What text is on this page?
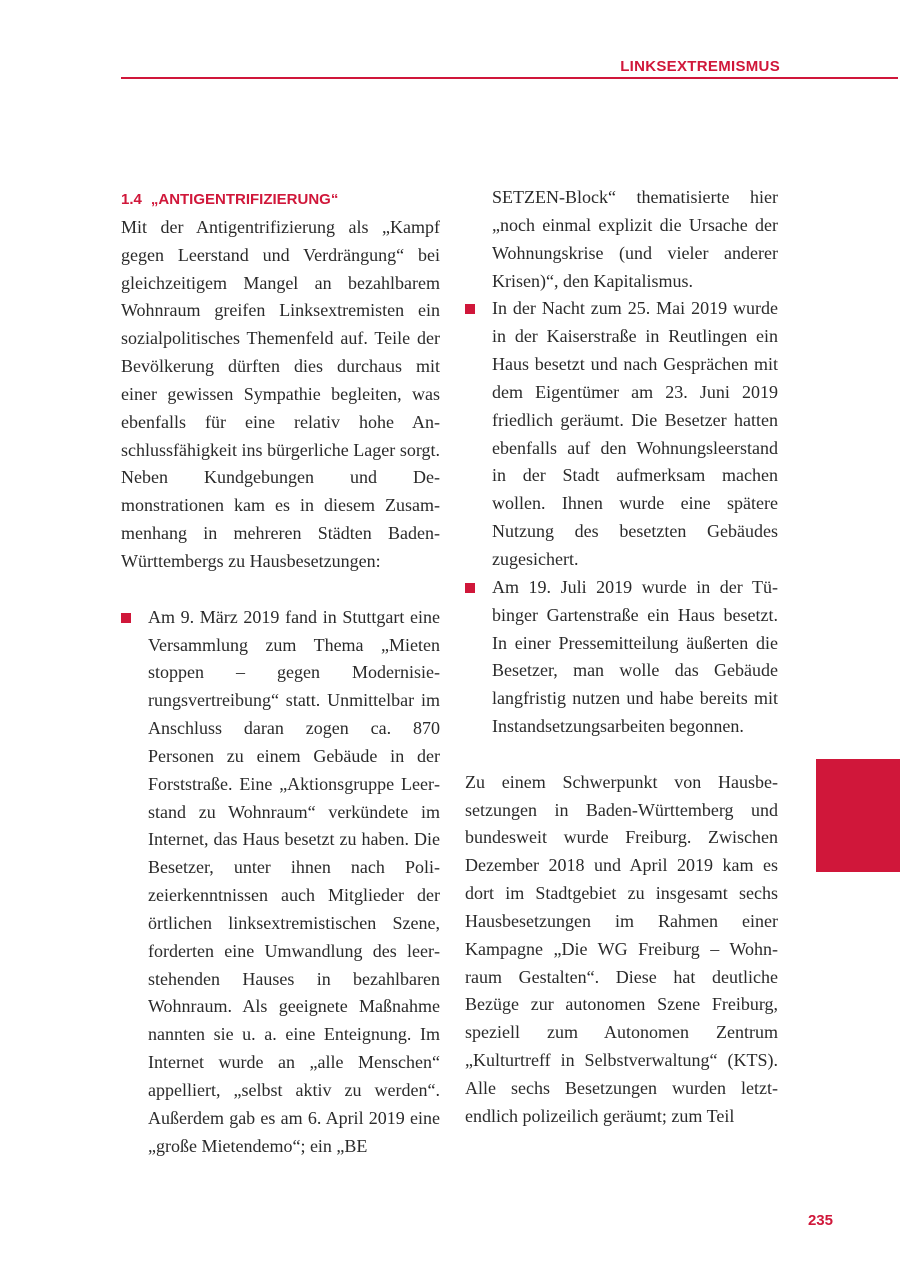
LINKSEXTREMISMUS
1.4 „ANTIGENTRIFIZIERUNG“

Mit der Antigentrifizierung als „Kampf gegen Leerstand und Verdrängung“ bei gleichzeitigem Mangel an bezahlbarem Wohnraum greifen Linksextremisten ein sozialpolitisches Themenfeld auf. Teile der Bevölkerung dürften dies durchaus mit einer gewissen Sympathie begleiten, was ebenfalls für eine relativ hohe Anschlussfähigkeit ins bürgerliche Lager sorgt. Neben Kundgebungen und Demonstrationen kam es in diesem Zusammenhang in mehreren Städten Baden-Württembergs zu Hausbesetzungen:

Am 9. März 2019 fand in Stuttgart eine Versammlung zum Thema „Mieten stoppen – gegen Modernisierungsvertreibung“ statt. Unmittelbar im Anschluss daran zogen ca. 870 Personen zu einem Gebäude in der Forststraße. Eine „Aktionsgruppe Leerstand zu Wohnraum“ verkündete im Internet, das Haus besetzt zu haben. Die Besetzer, unter ihnen nach Polizeierkenntnissen auch Mitglieder der örtlichen linksextremistischen Szene, forderten eine Umwandlung des leerstehenden Hauses in bezahlbaren Wohnraum. Als geeignete Maßnahme nannten sie u. a. eine Enteignung. Im Internet wurde an „alle Menschen“ appelliert, „selbst aktiv zu werden“. Außerdem gab es am 6. April 2019 eine „große Mietendemo“; ein „BE

SETZEN-Block“ thematisierte hier „noch einmal explizit die Ursache der Wohnungskrise (und vieler anderer Krisen)“, den Kapitalismus.

In der Nacht zum 25. Mai 2019 wurde in der Kaiserstraße in Reutlingen ein Haus besetzt und nach Gesprächen mit dem Eigentümer am 23. Juni 2019 friedlich geräumt. Die Besetzer hatten ebenfalls auf den Wohnungsleerstand in der Stadt aufmerksam machen wollen. Ihnen wurde eine spätere Nutzung des besetzten Gebäudes zugesichert.

Am 19. Juli 2019 wurde in der Tübinger Gartenstraße ein Haus besetzt. In einer Pressemitteilung äußerten die Besetzer, man wolle das Gebäude langfristig nutzen und habe bereits mit Instandsetzungsarbeiten begonnen.

Zu einem Schwerpunkt von Hausbesetzungen in Baden-Württemberg und bundesweit wurde Freiburg. Zwischen Dezember 2018 und April 2019 kam es dort im Stadtgebiet zu insgesamt sechs Hausbesetzungen im Rahmen einer Kampagne „Die WG Freiburg – Wohnraum Gestalten“. Diese hat deutliche Bezüge zur autonomen Szene Freiburg, speziell zum Autonomen Zentrum „Kulturtreff in Selbstverwaltung“ (KTS). Alle sechs Besetzungen wurden letztendlich polizeilich geräumt; zum Teil

235
